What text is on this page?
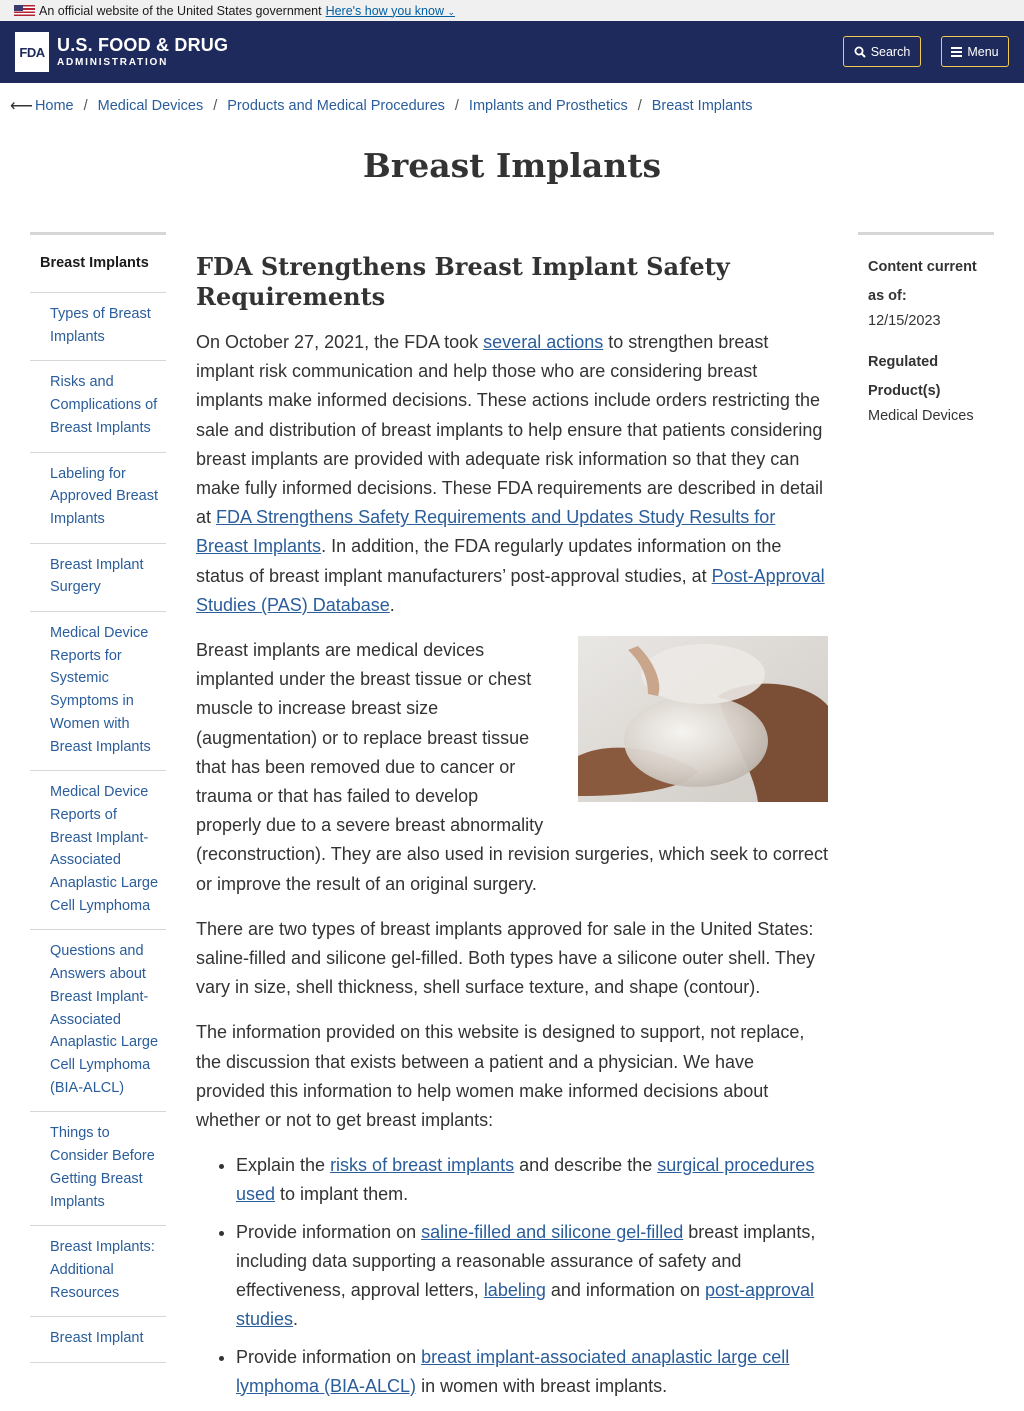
An official website of the United States government Here's how you know ⌄
FDA U.S. FOOD & DRUG
ADMINISTRATION
Search	Menu
⟵ Home / Medical Devices / Products and Medical Procedures / Implants and Prosthetics / Breast Implants
Breast Implants
Breast Implants
Types of Breast Implants
Risks and Complications of Breast Implants
Labeling for Approved Breast Implants
Breast Implant Surgery
Medical Device Reports for Systemic Symptoms in Women with Breast Implants
Medical Device Reports of Breast Implant-Associated Anaplastic Large Cell Lymphoma
Questions and Answers about Breast Implant-Associated Anaplastic Large Cell Lymphoma (BIA-ALCL)
Things to Consider Before Getting Breast Implants
Breast Implants: Additional Resources
Breast Implant
FDA Strengthens Breast Implant Safety Requirements

On October 27, 2021, the FDA took several actions to strengthen breast implant risk communication and help those who are considering breast implants make informed decisions. These actions include orders restricting the sale and distribution of breast implants to help ensure that patients considering breast implants are provided with adequate risk information so that they can make fully informed decisions. These FDA requirements are described in detail at FDA Strengthens Safety Requirements and Updates Study Results for Breast Implants. In addition, the FDA regularly updates information on the status of breast implant manufacturers’ post-approval studies, at Post-Approval Studies (PAS) Database.

Breast implants are medical devices implanted under the breast tissue or chest muscle to increase breast size (augmentation) or to replace breast tissue that has been removed due to cancer or trauma or that has failed to develop properly due to a severe breast abnormality (reconstruction). They are also used in revision surgeries, which seek to correct or improve the result of an original surgery.

There are two types of breast implants approved for sale in the United States: saline-filled and silicone gel-filled. Both types have a silicone outer shell. They vary in size, shell thickness, shell surface texture, and shape (contour).

The information provided on this website is designed to support, not replace, the discussion that exists between a patient and a physician. We have provided this information to help women make informed decisions about whether or not to get breast implants:

• Explain the risks of breast implants and describe the surgical procedures used to implant them.
• Provide information on saline-filled and silicone gel-filled breast implants, including data supporting a reasonable assurance of safety and effectiveness, approval letters, labeling and information on post-approval studies.
• Provide information on breast implant-associated anaplastic large cell lymphoma (BIA-ALCL) in women with breast implants.
Content current as of:
12/15/2023
Regulated Product(s)
Medical Devices
